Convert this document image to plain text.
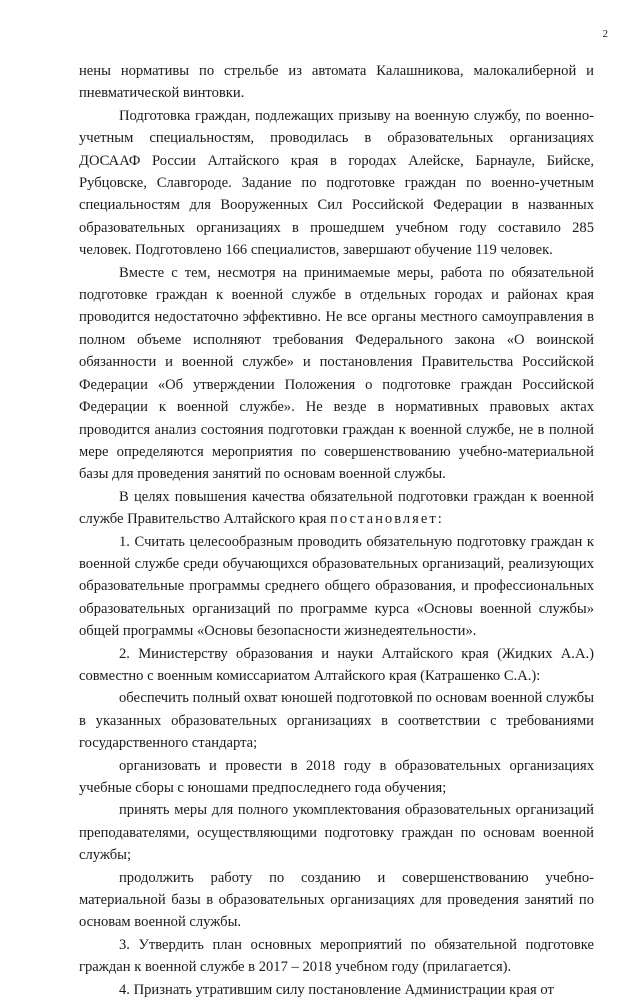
2

нены нормативы по стрельбе из автомата Калашникова, малокалиберной и пневматической винтовки.

Подготовка граждан, подлежащих призыву на военную службу, по военно-учетным специальностям, проводилась в образовательных организациях ДОСААФ России Алтайского края в городах Алейске, Барнауле, Бийске, Рубцовске, Славгороде. Задание по подготовке граждан по военно-учетным специальностям для Вооруженных Сил Российской Федерации в названных образовательных организациях в прошедшем учебном году составило 285 человек. Подготовлено 166 специалистов, завершают обучение 119 человек.

Вместе с тем, несмотря на принимаемые меры, работа по обязательной подготовке граждан к военной службе в отдельных городах и районах края проводится недостаточно эффективно. Не все органы местного самоуправления в полном объеме исполняют требования Федерального закона «О воинской обязанности и военной службе» и постановления Правительства Российской Федерации «Об утверждении Положения о подготовке граждан Российской Федерации к военной службе». Не везде в нормативных правовых актах проводится анализ состояния подготовки граждан к военной службе, не в полной мере определяются мероприятия по совершенствованию учебно-материальной базы для проведения занятий по основам военной службы.

В целях повышения качества обязательной подготовки граждан к военной службе Правительство Алтайского края постановляет:

1. Считать целесообразным проводить обязательную подготовку граждан к военной службе среди обучающихся образовательных организаций, реализующих образовательные программы среднего общего образования, и профессиональных образовательных организаций по программе курса «Основы военной службы» общей программы «Основы безопасности жизнедеятельности».

2. Министерству образования и науки Алтайского края (Жидких А.А.) совместно с военным комиссариатом Алтайского края (Катрашенко С.А.):

обеспечить полный охват юношей подготовкой по основам военной службы в указанных образовательных организациях в соответствии с требованиями государственного стандарта;

организовать и провести в 2018 году в образовательных организациях учебные сборы с юношами предпоследнего года обучения;

принять меры для полного укомплектования образовательных организаций преподавателями, осуществляющими подготовку граждан по основам военной службы;

продолжить работу по созданию и совершенствованию учебно-материальной базы в образовательных организациях для проведения занятий по основам военной службы.

3. Утвердить план основных мероприятий по обязательной подготовке граждан к военной службе в 2017 – 2018 учебном году (прилагается).

4. Признать утратившим силу постановление Администрации края от
